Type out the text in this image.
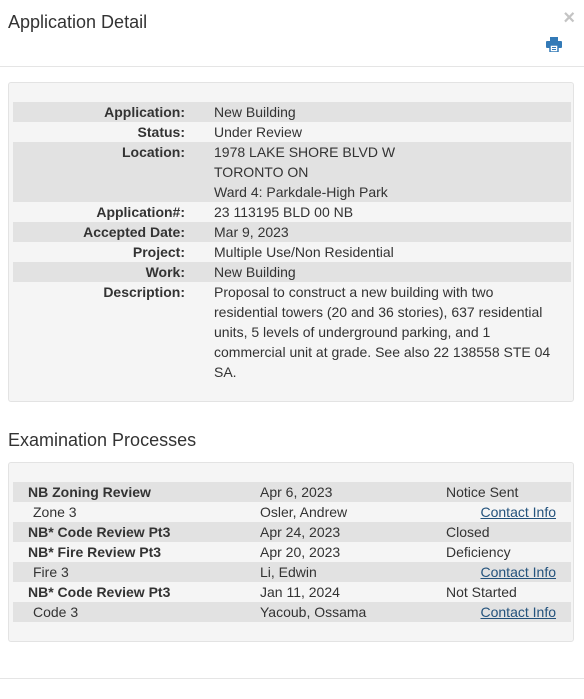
Application Detail	×
Application: New Building
Status: Under Review
Location: 1978 LAKE SHORE BLVD W
TORONTO ON
Ward 4: Parkdale-High Park
Application#: 23 113195 BLD 00 NB
Accepted Date: Mar 9, 2023
Project: Multiple Use/Non Residential
Work: New Building
Description: Proposal to construct a new building with two residential towers (20 and 36 stories), 637 residential units, 5 levels of underground parking, and 1 commercial unit at grade. See also 22 138558 STE 04 SA.
Examination Processes
NB Zoning Review	Apr 6, 2023	Notice Sent
Zone 3	Osler, Andrew	Contact Info
NB* Code Review Pt3	Apr 24, 2023	Closed
NB* Fire Review Pt3	Apr 20, 2023	Deficiency
Fire 3	Li, Edwin	Contact Info
NB* Code Review Pt3	Jan 11, 2024	Not Started
Code 3	Yacoub, Ossama	Contact Info
